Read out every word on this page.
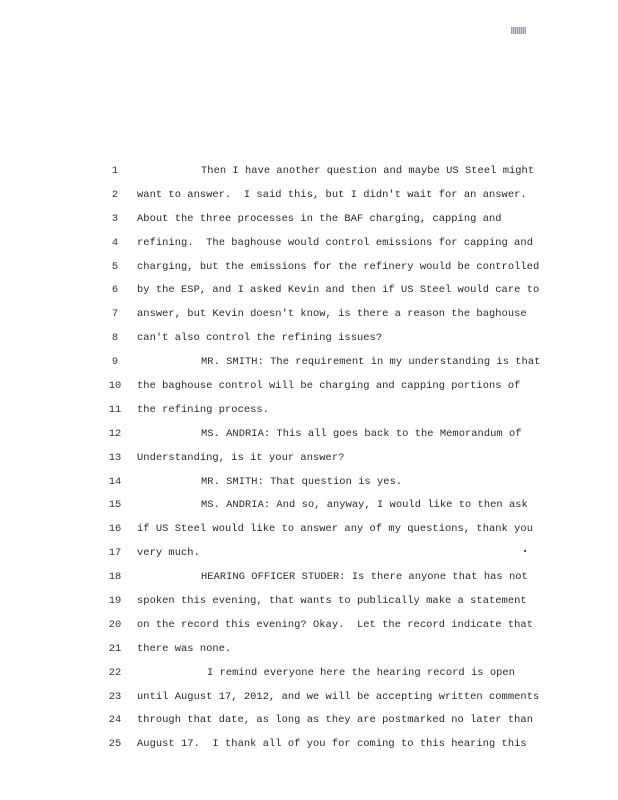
1	Then I have another question and maybe US Steel might
2	want to answer.  I said this, but I didn't wait for an answer.
3	About the three processes in the BAF charging, capping and
4	refining.  The baghouse would control emissions for capping and
5	charging, but the emissions for the refinery would be controlled
6	by the ESP, and I asked Kevin and then if US Steel would care to
7	answer, but Kevin doesn't know, is there a reason the baghouse
8	can't also control the refining issues?
9	MR. SMITH: The requirement in my understanding is that
10 the baghouse control will be charging and capping portions of
11 the refining process.
12	MS. ANDRIA: This all goes back to the Memorandum of
13 Understanding, is it your answer?
14	MR. SMITH: That question is yes.
15	MS. ANDRIA: And so, anyway, I would like to then ask
16 if US Steel would like to answer any of my questions, thank you
17 very much.
18	HEARING OFFICER STUDER: Is there anyone that has not
19 spoken this evening, that wants to publically make a statement
20 on the record this evening? Okay.  Let the record indicate that
21 there was none.
22	I remind everyone here the hearing record is open
23 until August 17, 2012, and we will be accepting written comments
24 through that date, as long as they are postmarked no later than
25 August 17.  I thank all of you for coming to this hearing this
